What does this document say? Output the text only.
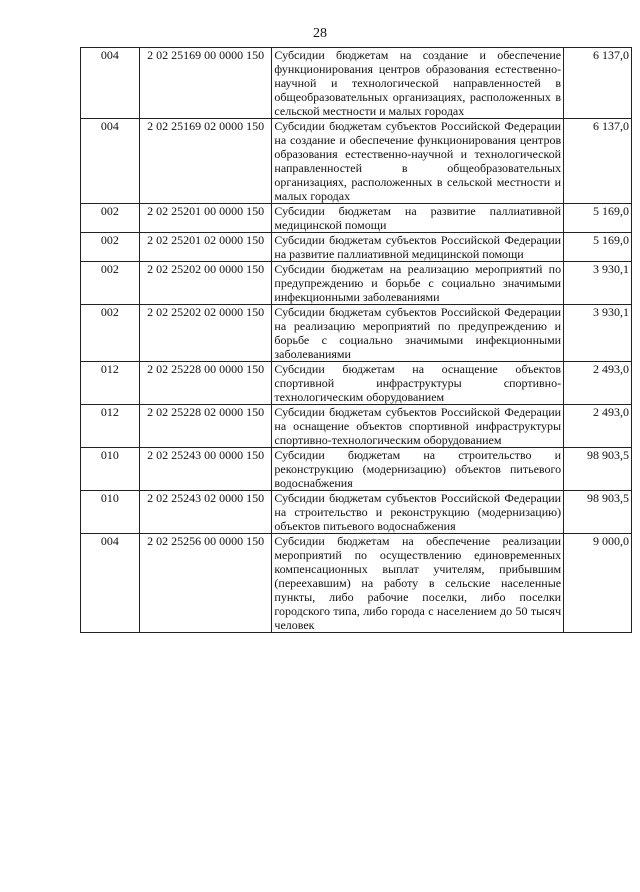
28
004	2 02 25169 00 0000 150	Субсидии бюджетам на создание и обеспечение функционирования центров образования естественно-научной и технологической направленностей в общеобразовательных организациях, расположенных в сельской местности и малых городах	6 137,0
004	2 02 25169 02 0000 150	Субсидии бюджетам субъектов Российской Федерации на создание и обеспечение функционирования центров образования естественно-научной и технологической направленностей в общеобразовательных организациях, расположенных в сельской местности и малых городах	6 137,0
002	2 02 25201 00 0000 150	Субсидии бюджетам на развитие паллиативной медицинской помощи	5 169,0
002	2 02 25201 02 0000 150	Субсидии бюджетам субъектов Российской Федерации на развитие паллиативной медицинской помощи	5 169,0
002	2 02 25202 00 0000 150	Субсидии бюджетам на реализацию мероприятий по предупреждению и борьбе с социально значимыми инфекционными заболеваниями	3 930,1
002	2 02 25202 02 0000 150	Субсидии бюджетам субъектов Российской Федерации на реализацию мероприятий по предупреждению и борьбе с социально значимыми инфекционными заболеваниями	3 930,1
012	2 02 25228 00 0000 150	Субсидии бюджетам на оснащение объектов спортивной инфраструктуры спортивно-технологическим оборудованием	2 493,0
012	2 02 25228 02 0000 150	Субсидии бюджетам субъектов Российской Федерации на оснащение объектов спортивной инфраструктуры спортивно-технологическим оборудованием	2 493,0
010	2 02 25243 00 0000 150	Субсидии бюджетам на строительство и реконструкцию (модернизацию) объектов питьевого водоснабжения	98 903,5
010	2 02 25243 02 0000 150	Субсидии бюджетам субъектов Российской Федерации на строительство и реконструкцию (модернизацию) объектов питьевого водоснабжения	98 903,5
004	2 02 25256 00 0000 150	Субсидии бюджетам на обеспечение реализации мероприятий по осуществлению единовременных компенсационных выплат учителям, прибывшим (переехавшим) на работу в сельские населенные пункты, либо рабочие поселки, либо поселки городского типа, либо города с населением до 50 тысяч человек	9 000,0
